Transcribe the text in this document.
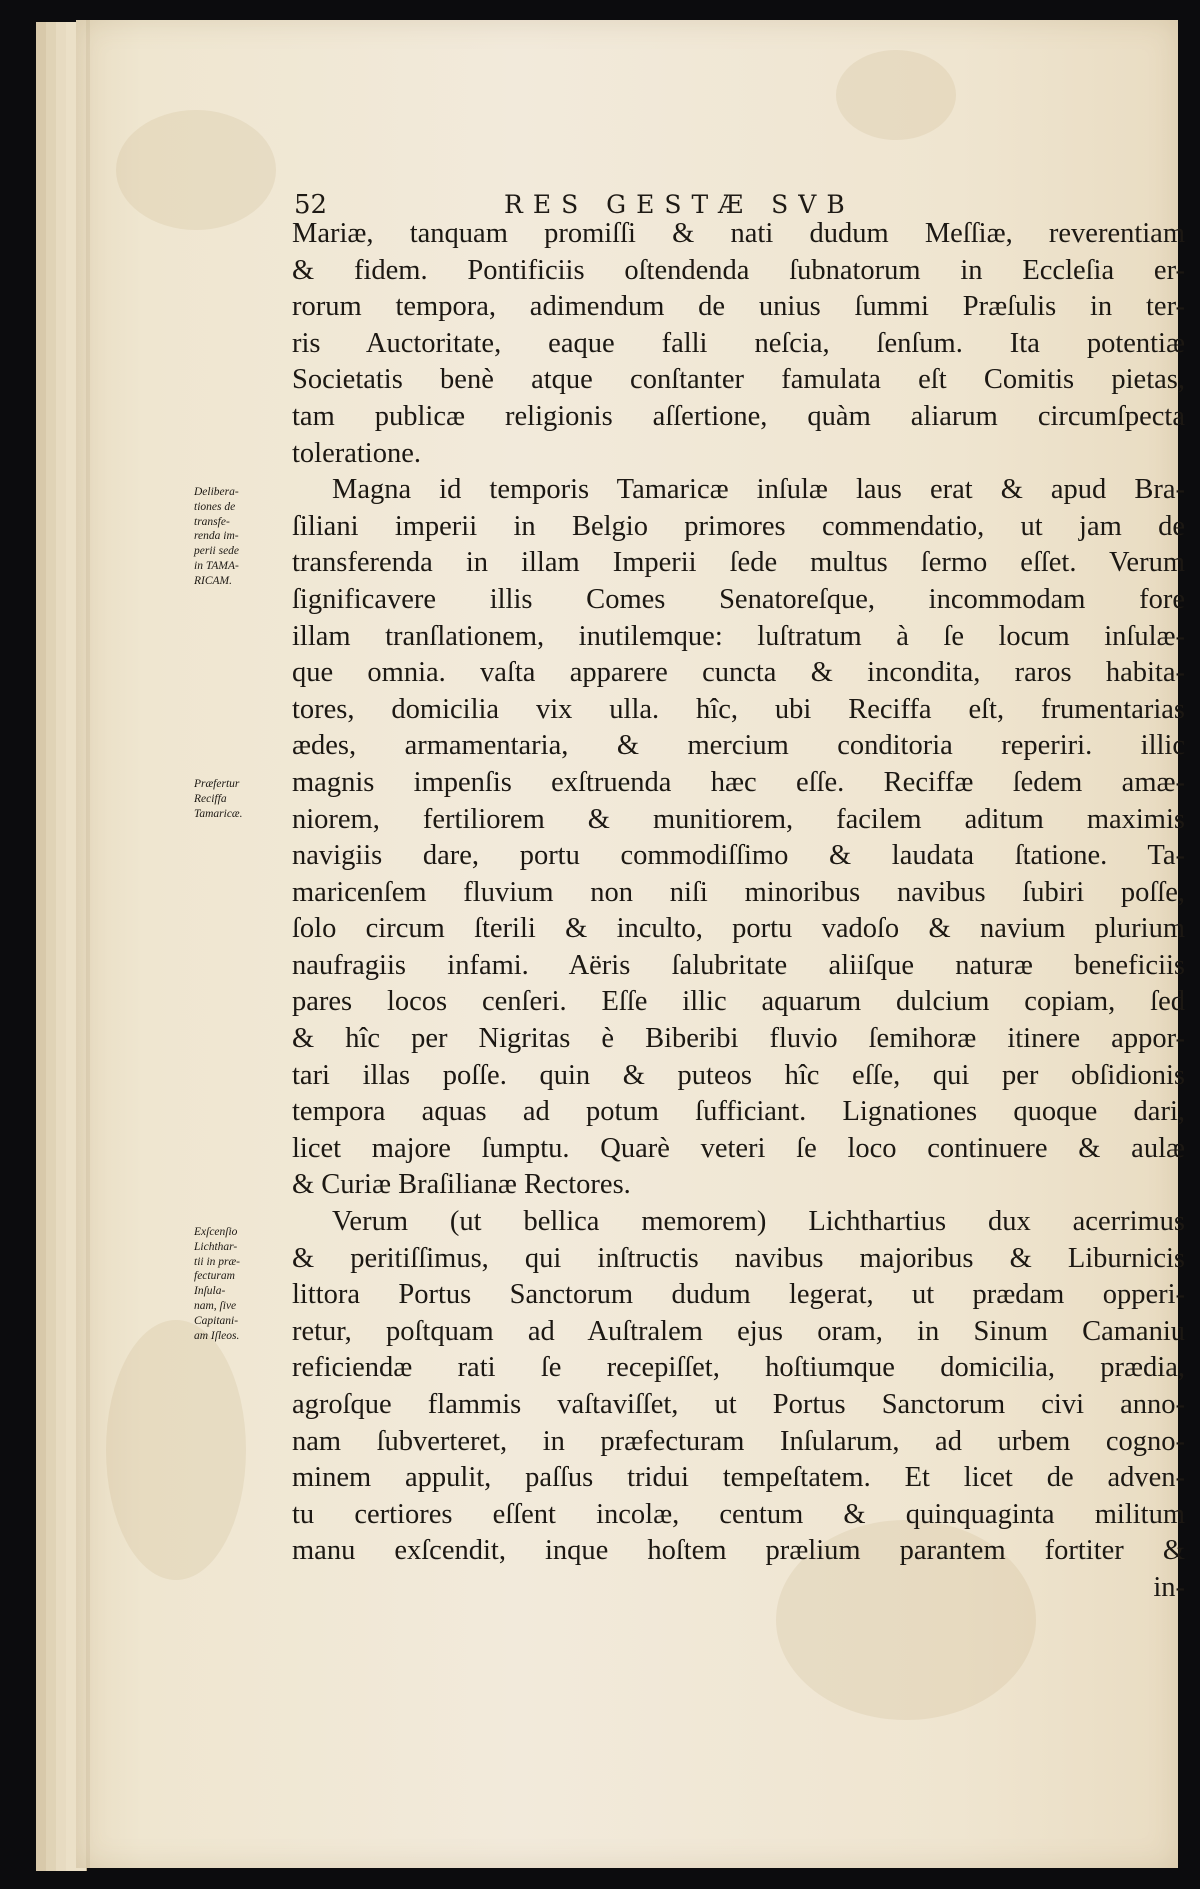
52	RES GESTÆ SVB
Delibera-
tiones de
transfe-
renda im-
perii sede
in TAMA-
RICAM.
Præfertur
Reciffa
Tamaricæ.
Exſcenſio
Lichthar-
tii in præ-
fecturam
Inſula-
nam, ſive
Capitani-
am Iſleos.
Mariæ, tanquam promiſſi & nati dudum Meſſiæ, reverentiam
& fidem. Pontificiis oſtendenda ſubnatorum in Eccleſia er-
rorum tempora, adimendum de unius ſummi Præſulis in ter-
ris Auctoritate, eaque falli neſcia, ſenſum. Ita potentiæ
Societatis benè atque conſtanter famulata eſt Comitis pietas,
tam publicæ religionis aſſertione, quàm aliarum circumſpecta
toleratione.
Magna id temporis Tamaricæ inſulæ laus erat & apud Bra-
ſiliani imperii in Belgio primores commendatio, ut jam de
transferenda in illam Imperii ſede multus ſermo eſſet. Verum
ſignificavere illis Comes Senatoreſque, incommodam fore
illam tranſlationem, inutilemque: luſtratum à ſe locum inſulæ-
que omnia. vaſta apparere cuncta & incondita, raros habita-
tores, domicilia vix ulla. hîc, ubi Reciffa eſt, frumentarias
ædes, armamentaria, & mercium conditoria reperiri. illic
magnis impenſis exſtruenda hæc eſſe. Reciffæ ſedem amæ-
niorem, fertiliorem & munitiorem, facilem aditum maximis
navigiis dare, portu commodiſſimo & laudata ſtatione. Ta-
maricenſem fluvium non niſi minoribus navibus ſubiri poſſe,
ſolo circum ſterili & inculto, portu vadoſo & navium plurium
naufragiis infami. Aëris ſalubritate aliiſque naturæ beneficiis
pares locos cenſeri. Eſſe illic aquarum dulcium copiam, ſed
& hîc per Nigritas è Biberibi fluvio ſemihoræ itinere appor-
tari illas poſſe. quin & puteos hîc eſſe, qui per obſidionis
tempora aquas ad potum ſufficiant. Lignationes quoque dari,
licet majore ſumptu. Quarè veteri ſe loco continuere & aulæ
& Curiæ Braſilianæ Rectores.
Verum (ut bellica memorem) Lichthartius dux acerrimus
& peritiſſimus, qui inſtructis navibus majoribus & Liburnicis
littora Portus Sanctorum dudum legerat, ut prædam opperi-
retur, poſtquam ad Auſtralem ejus oram, in Sinum Camaniu
reficiendæ rati ſe recepiſſet, hoſtiumque domicilia, prædia,
agroſque flammis vaſtaviſſet, ut Portus Sanctorum civi anno-
nam ſubverteret, in præfecturam Inſularum, ad urbem cogno-
minem appulit, paſſus tridui tempeſtatem. Et licet de adven-
tu certiores eſſent incolæ, centum & quinquaginta militum
manu exſcendit, inque hoſtem prælium parantem fortiter &
in-
